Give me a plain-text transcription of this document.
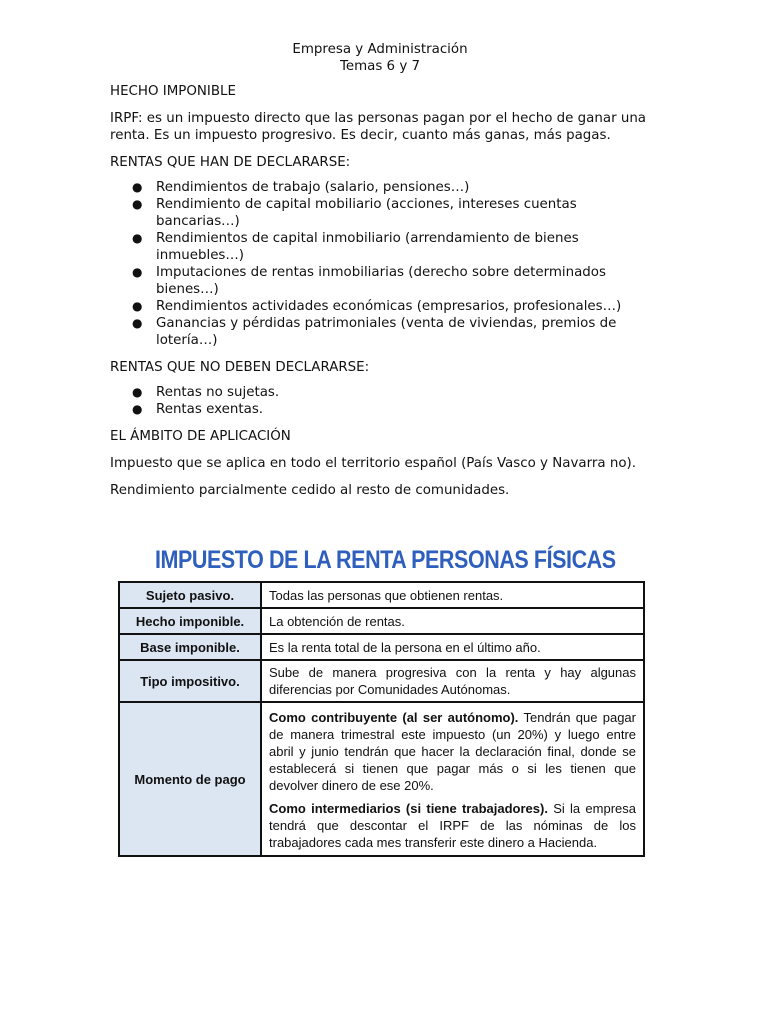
Empresa y Administración

Temas 6 y 7

HECHO IMPONIBLE

IRPF: es un impuesto directo que las personas pagan por el hecho de ganar una renta. Es un impuesto progresivo. Es decir, cuanto más ganas, más pagas.

RENTAS QUE HAN DE DECLARARSE:

● Rendimientos de trabajo (salario, pensiones…)
● Rendimiento de capital mobiliario (acciones, intereses cuentas bancarias…)
● Rendimientos de capital inmobiliario (arrendamiento de bienes inmuebles…)
● Imputaciones de rentas inmobiliarias (derecho sobre determinados bienes…)
● Rendimientos actividades económicas (empresarios, profesionales…)
● Ganancias y pérdidas patrimoniales (venta de viviendas, premios de lotería…)

RENTAS QUE NO DEBEN DECLARARSE:

● Rentas no sujetas.
● Rentas exentas.

EL ÁMBITO DE APLICACIÓN

Impuesto que se aplica en todo el territorio español (País Vasco y Navarra no).

Rendimiento parcialmente cedido al resto de comunidades.

IMPUESTO DE LA RENTA PERSONAS FÍSICAS
Sujeto pasivo.	Todas las personas que obtienen rentas.
Hecho imponible.	La obtención de rentas.
Base imponible.	Es la renta total de la persona en el último año.
Tipo impositivo.	Sube de manera progresiva con la renta y hay algunas diferencias por Comunidades Autónomas.
Momento de pago	Como contribuyente (al ser autónomo). Tendrán que pagar de manera trimestral este impuesto (un 20%) y luego entre abril y junio tendrán que hacer la declaración final, donde se establecerá si tienen que pagar más o si les tienen que devolver dinero de ese 20%.

Como intermediarios (si tiene trabajadores). Si la empresa tendrá que descontar el IRPF de las nóminas de los trabajadores cada mes transferir este dinero a Hacienda.
